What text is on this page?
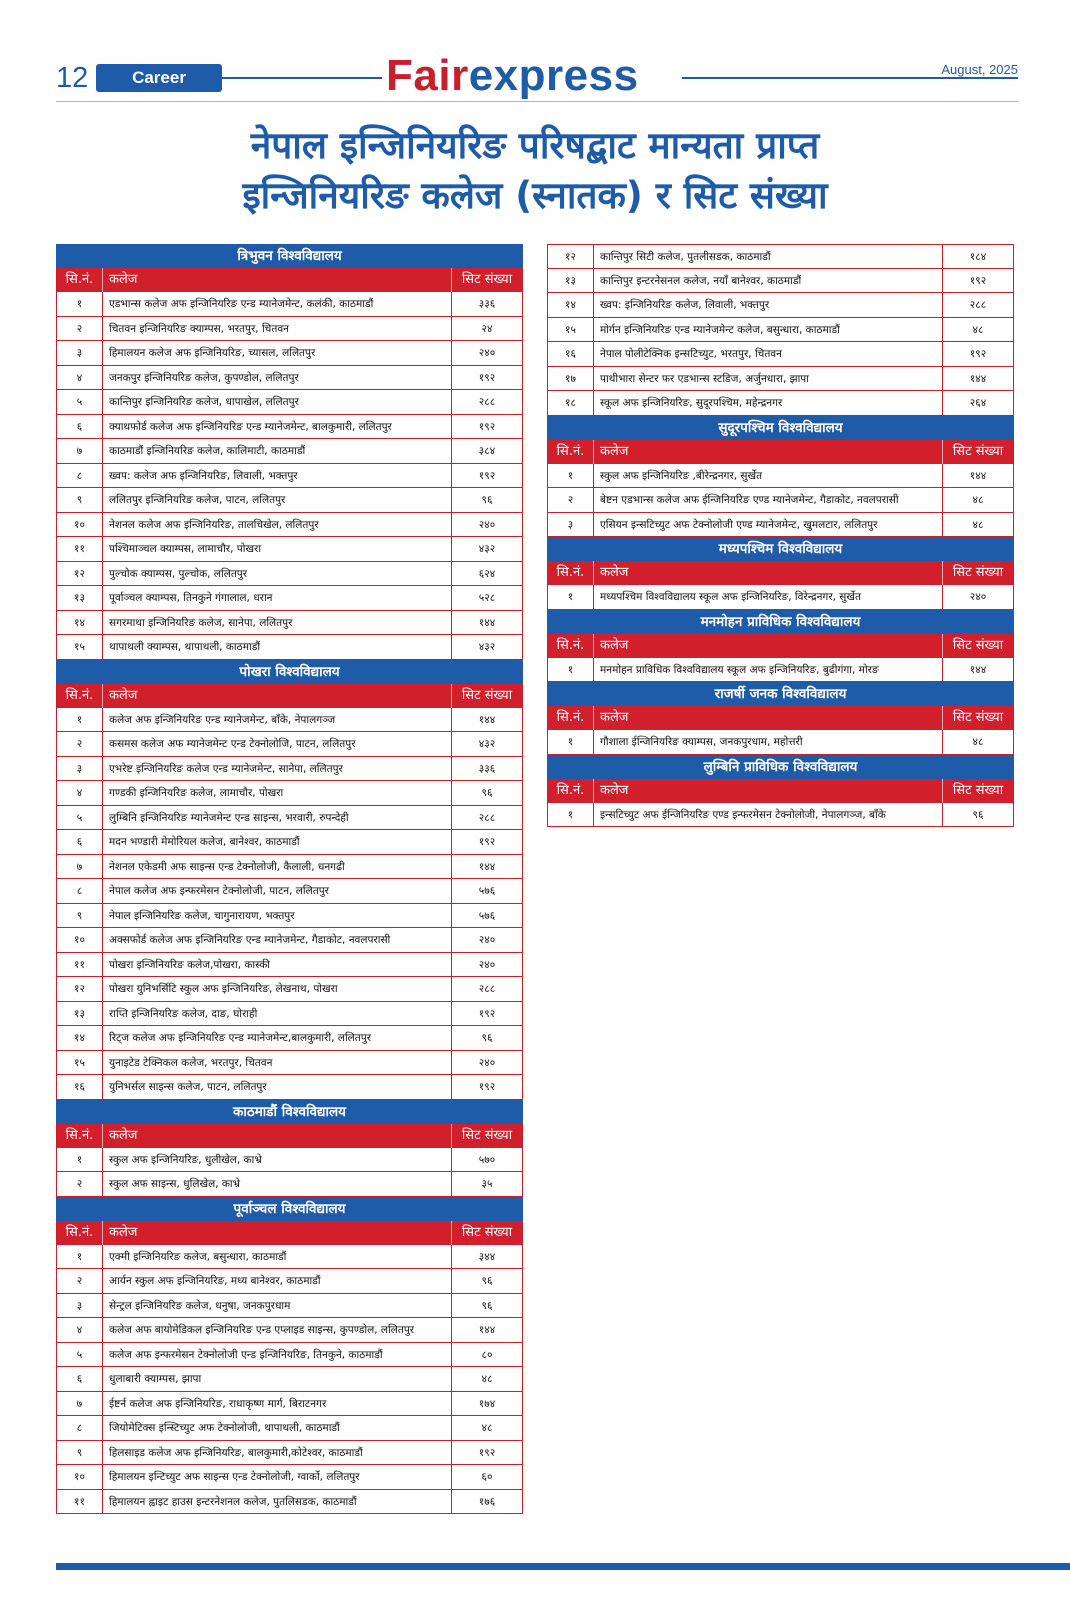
12	Career	Fairexpress	August, 2025
नेपाल इन्जिनियरिङ परिषद्बाट मान्यता प्राप्त
इन्जिनियरिङ कलेज (स्नातक) र सिट संख्या
त्रिभुवन विश्वविद्यालय
सि.नं.	कलेज	सिट संख्या
१	एडभान्स कलेज अफ इन्जिनियरिङ एन्ड म्यानेजमेन्ट, कलंकी, काठमाडौं	३३६
२	चितवन इन्जिनियरिङ क्याम्पस, भरतपुर, चितवन	२४
३	हिमालयन कलेज अफ इन्जिनियरिङ, च्यासल, ललितपुर	२४०
४	जनकपुर इन्जिनियरिङ कलेज, कुपण्डोल, ललितपुर	१९२
५	कान्तिपुर इन्जिनियरिङ कलेज, धापाखेल, ललितपुर	२८८
६	क्याथफोर्ड कलेज अफ इन्जिनियरिङ एन्ड म्यानेजमेन्ट, बालकुमारी, ललितपुर	१९२
७	काठमाडौं इन्जिनियरिङ कलेज, कालिमाटी, काठमाडौं	३८४
८	ख्वप: कलेज अफ इन्जिनियरिङ, लिवाली, भक्तपुर	१९२
९	ललितपुर इन्जिनियरिङ कलेज, पाटन, ललितपुर	९६
१०	नेशनल कलेज अफ इन्जिनियरिङ, तालचिखेल, ललितपुर	२४०
११	पश्चिमाञ्चल क्याम्पस, लामाचौर, पोखरा	४३२
१२	पुल्चोक क्याम्पस, पुल्चोक, ललितपुर	६२४
१३	पूर्वाञ्चल क्याम्पस, तिनकुने गंगालाल, धरान	५२८
१४	सगरमाथा इन्जिनियरिङ कलेज, सानेपा, ललितपुर	१४४
१५	थापाथली क्याम्पस, थापाथली, काठमाडौं	४३२
पोखरा विश्वविद्यालय
सि.नं.	कलेज	सिट संख्या
१	कलेज अफ इन्जिनियरिङ एन्ड म्यानेजमेन्ट, बाँके, नेपालगञ्ज	१४४
२	कसमस कलेज अफ म्यानेजमेन्ट एन्ड टेक्नोलोजि, पाटन, ललितपुर	४३२
३	एभरेष्ट इन्जिनियरिङ कलेज एन्ड म्यानेजमेन्ट, सानेपा, ललितपुर	३३६
४	गण्डकी इन्जिनियरिङ कलेज, लामाचौर, पोखरा	९६
५	लुम्बिनि इन्जिनियरिङ म्यानेजमेन्ट एन्ड साइन्स, भरवारी, रुपन्देही	२८८
६	मदन भण्डारी मेमोरियल कलेज, बानेश्वर, काठमाडौं	१९२
७	नेशनल एकेडमी अफ साइन्स एन्ड टेक्नोलोजी, कैलाली, धनगढी	१४४
८	नेपाल कलेज अफ इन्फरमेसन टेक्नोलोजी, पाटन, ललितपुर	५७६
९	नेपाल इन्जिनियरिङ कलेज, चागुनारायण, भक्तपुर	५७६
१०	अक्सफोर्ड कलेज अफ इन्जिनियरिङ एन्ड म्यानेजमेन्ट, गैडाकोट, नवलपरासी	२४०
११	पोखरा इन्जिनियरिङ कलेज,पोखरा, कास्की	२४०
१२	पोखरा युनिभर्सिटि स्कुल अफ इन्जिनियरिङ, लेखनाथ, पोखरा	२८८
१३	राप्ति इन्जिनियरिङ कलेज, दाङ, घोराही	१९२
१४	रिट्ज कलेज अफ इन्जिनियरिङ एन्ड म्यानेजमेन्ट,बालकुमारी, ललितपुर	९६
१५	युनाइटेड टेक्निकल कलेज, भरतपुर, चितवन	२४०
१६	युनिभर्सल साइन्स कलेज, पाटन, ललितपुर	१९२
काठमाडौं विश्वविद्यालय
सि.नं.	कलेज	सिट संख्या
१	स्कुल अफ इन्जिनियरिङ, धुलीखेल, काभ्रे	५७०
२	स्कुल अफ साइन्स, धुलिखेल, काभ्रे	३५
पूर्वाञ्चल विश्वविद्यालय
सि.नं.	कलेज	सिट संख्या
१	एक्मी इन्जिनियरिङ कलेज, बसुन्धारा, काठमाडौं	३४४
२	आर्यन स्कुल अफ इन्जिनियरिङ, मध्य बानेश्वर, काठमाडौं	९६
३	सेन्ट्रल इन्जिनियरिङ कलेज, धनुषा, जनकपुरधाम	९६
४	कलेज अफ बायोमेडिकल इन्जिनियरिङ एन्ड एप्लाइड साइन्स, कुपण्डोल, ललितपुर	१४४
५	कलेज अफ इन्फरमेसन टेक्नोलोजी एन्ड इन्जिनियरिङ, तिनकुने, काठमाडौं	८०
६	धुलाबारी क्याम्पस, झापा	४८
७	ईष्टर्न कलेज अफ इन्जिनियरिङ, राधाकृष्ण मार्ग, बिराटनगर	१७४
८	जियोमेटिक्स इन्स्टिच्युट अफ टेक्नोलोजी, थापाथली, काठमाडौं	४८
९	हिलसाइड कलेज अफ इन्जिनियरिङ, बालकुमारी,कोटेश्वर, काठमाडौं	१९२
१०	हिमालयन इन्टिच्युट अफ साइन्स एन्ड टेक्नोलोजी, ग्वार्को, ललितपुर	६०
११	हिमालयन ह्वाइट हाउस इन्टरनेशनल कलेज, पुतलिसडक, काठमाडौं	१७६
१२	कान्तिपुर सिटी कलेज, पुतलीसडक, काठमाडौं	१८४
१३	कान्तिपुर इन्टरनेसनल कलेज, नयाँ बानेश्वर, काठमाडौं	१९२
१४	ख्वप: इन्जिनियरिङ कलेज, लिवाली, भक्तपुर	२८८
१५	मोर्गन इन्जिनियरिङ एन्ड म्यानेजमेन्ट कलेज, बसुन्धारा, काठमाडौं	४८
१६	नेपाल पोलीटेक्निक इन्सटिच्युट, भरतपुर, चितवन	१९२
१७	पाथीभारा सेन्टर फर एडभान्स स्टडिज, अर्जुनधारा, झापा	१४४
१८	स्कूल अफ इन्जिनियरिङ, सुदूरपश्चिम, महेन्द्रनगर	२६४
सुदूरपश्चिम विश्वविद्यालय
सि.नं.	कलेज	सिट संख्या
१	स्कुल अफ इन्जिनियरिङ ,बीरेन्द्रनगर, सुर्खेत	१४४
२	बेष्टन एडभान्स कलेज अफ ईन्जिनियरिङ एण्ड म्यानेजमेन्ट, गैडाकोट, नवलपरासी	४८
३	एसियन इन्सटिच्युट अफ टेक्नोलोजी एण्ड म्यानेजमेन्ट, खुमलटार, ललितपुर	४८
मध्यपश्चिम विश्वविद्यालय
सि.नं.	कलेज	सिट संख्या
१	मध्यपश्चिम विश्वविद्यालय स्कूल अफ इन्जिनियरिङ, विरेन्द्रनगर, सुर्खेत	२४०
मनमोहन प्राविधिक विश्वविद्यालय
सि.नं.	कलेज	सिट संख्या
१	मनमोहन प्राविधिक विश्वविद्यालय स्कूल अफ इन्जिनियरिङ, बुढीगंगा, मोरङ	१४४
राजर्षी जनक विश्वविद्यालय
सि.नं.	कलेज	सिट संख्या
१	गौशाला ईन्जिनियरिङ क्याम्पस, जनकपुरधाम, महोत्तरी	४८
लुम्बिनि प्राविधिक विश्वविद्यालय
सि.नं.	कलेज	सिट संख्या
१	इन्सटिच्युट अफ ईन्जिनियरिङ एण्ड इन्फरमेसन टेक्नोलोजी, नेपालगञ्ज, बाँके	९६
